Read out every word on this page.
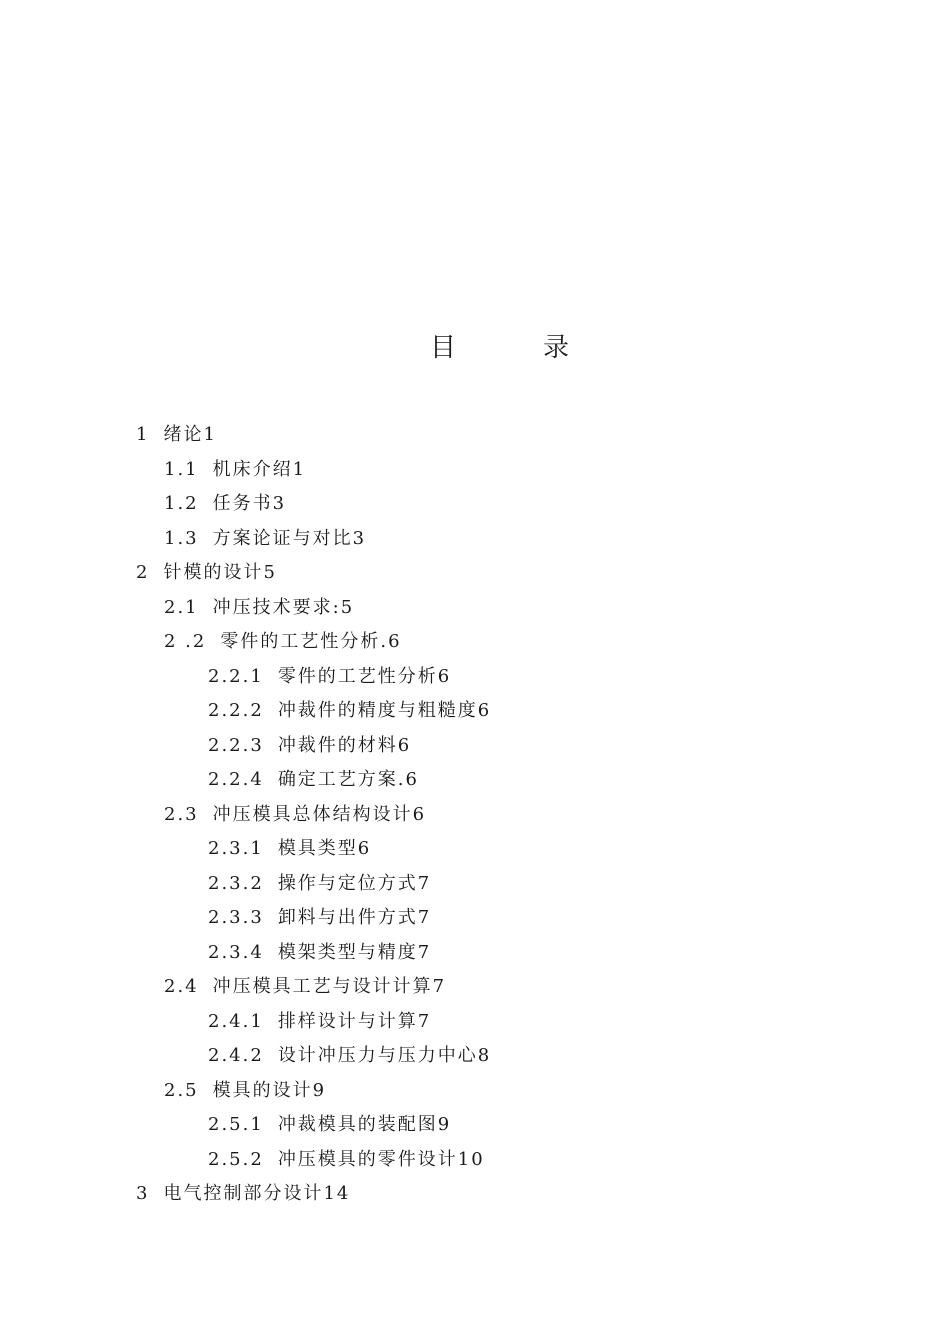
目	录
1 绪论1
1.1 机床介绍1
1.2 任务书3
1.3 方案论证与对比3
2 针模的设计5
2.1 冲压技术要求:5
2 .2 零件的工艺性分析.6
2.2.1 零件的工艺性分析6
2.2.2 冲裁件的精度与粗糙度6
2.2.3 冲裁件的材料6
2.2.4 确定工艺方案.6
2.3 冲压模具总体结构设计6
2.3.1 模具类型6
2.3.2 操作与定位方式7
2.3.3 卸料与出件方式7
2.3.4 模架类型与精度7
2.4 冲压模具工艺与设计计算7
2.4.1 排样设计与计算7
2.4.2 设计冲压力与压力中心8
2.5 模具的设计9
2.5.1 冲裁模具的装配图9
2.5.2 冲压模具的零件设计10
3 电气控制部分设计14
